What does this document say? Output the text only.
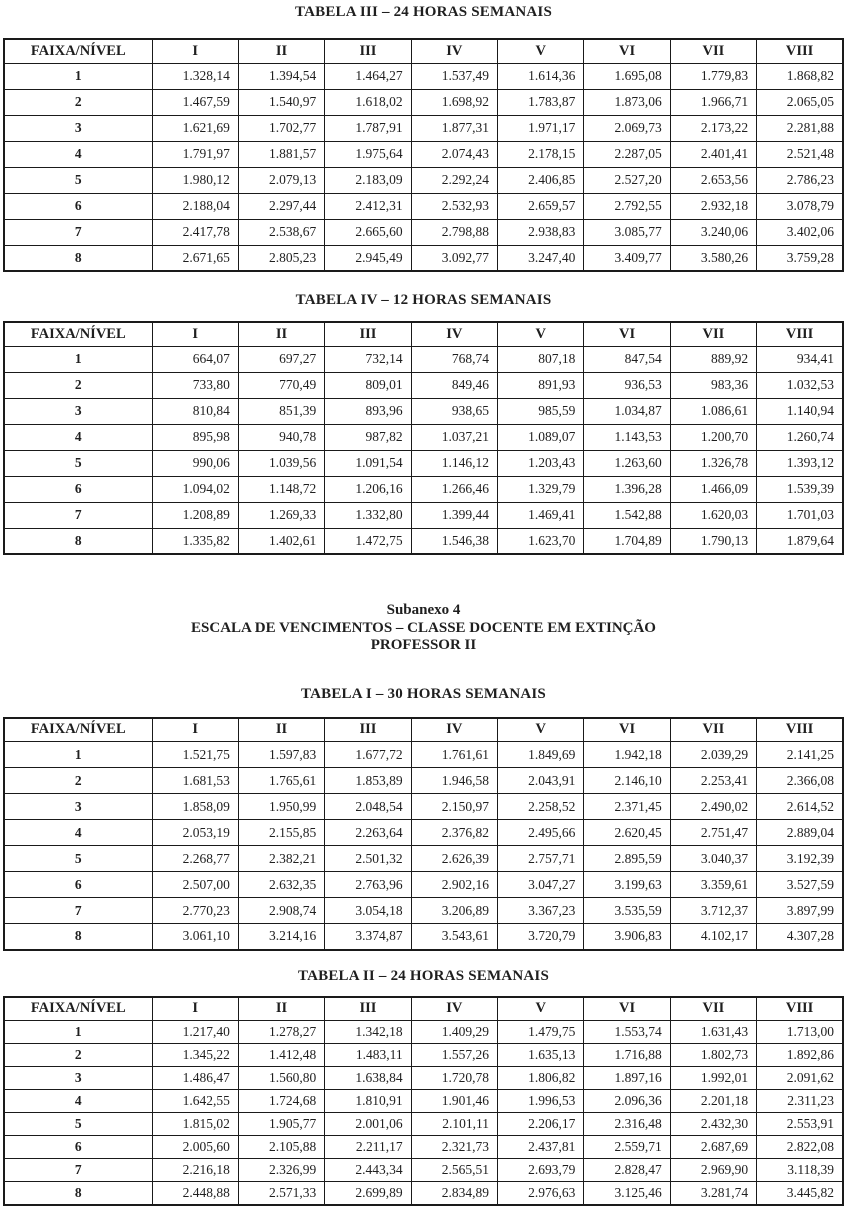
TABELA III – 24 HORAS SEMANAIS
FAIXA/NÍVEL	I	II	III	IV	V	VI	VII	VIII
1	1.328,14	1.394,54	1.464,27	1.537,49	1.614,36	1.695,08	1.779,83	1.868,82
2	1.467,59	1.540,97	1.618,02	1.698,92	1.783,87	1.873,06	1.966,71	2.065,05
3	1.621,69	1.702,77	1.787,91	1.877,31	1.971,17	2.069,73	2.173,22	2.281,88
4	1.791,97	1.881,57	1.975,64	2.074,43	2.178,15	2.287,05	2.401,41	2.521,48
5	1.980,12	2.079,13	2.183,09	2.292,24	2.406,85	2.527,20	2.653,56	2.786,23
6	2.188,04	2.297,44	2.412,31	2.532,93	2.659,57	2.792,55	2.932,18	3.078,79
7	2.417,78	2.538,67	2.665,60	2.798,88	2.938,83	3.085,77	3.240,06	3.402,06
8	2.671,65	2.805,23	2.945,49	3.092,77	3.247,40	3.409,77	3.580,26	3.759,28
TABELA IV – 12 HORAS SEMANAIS
FAIXA/NÍVEL	I	II	III	IV	V	VI	VII	VIII
1	664,07	697,27	732,14	768,74	807,18	847,54	889,92	934,41
2	733,80	770,49	809,01	849,46	891,93	936,53	983,36	1.032,53
3	810,84	851,39	893,96	938,65	985,59	1.034,87	1.086,61	1.140,94
4	895,98	940,78	987,82	1.037,21	1.089,07	1.143,53	1.200,70	1.260,74
5	990,06	1.039,56	1.091,54	1.146,12	1.203,43	1.263,60	1.326,78	1.393,12
6	1.094,02	1.148,72	1.206,16	1.266,46	1.329,79	1.396,28	1.466,09	1.539,39
7	1.208,89	1.269,33	1.332,80	1.399,44	1.469,41	1.542,88	1.620,03	1.701,03
8	1.335,82	1.402,61	1.472,75	1.546,38	1.623,70	1.704,89	1.790,13	1.879,64
Subanexo 4
ESCALA DE VENCIMENTOS – CLASSE DOCENTE EM EXTINÇÃO
PROFESSOR II
TABELA I – 30 HORAS SEMANAIS
FAIXA/NÍVEL	I	II	III	IV	V	VI	VII	VIII
1	1.521,75	1.597,83	1.677,72	1.761,61	1.849,69	1.942,18	2.039,29	2.141,25
2	1.681,53	1.765,61	1.853,89	1.946,58	2.043,91	2.146,10	2.253,41	2.366,08
3	1.858,09	1.950,99	2.048,54	2.150,97	2.258,52	2.371,45	2.490,02	2.614,52
4	2.053,19	2.155,85	2.263,64	2.376,82	2.495,66	2.620,45	2.751,47	2.889,04
5	2.268,77	2.382,21	2.501,32	2.626,39	2.757,71	2.895,59	3.040,37	3.192,39
6	2.507,00	2.632,35	2.763,96	2.902,16	3.047,27	3.199,63	3.359,61	3.527,59
7	2.770,23	2.908,74	3.054,18	3.206,89	3.367,23	3.535,59	3.712,37	3.897,99
8	3.061,10	3.214,16	3.374,87	3.543,61	3.720,79	3.906,83	4.102,17	4.307,28
TABELA II – 24 HORAS SEMANAIS
FAIXA/NÍVEL	I	II	III	IV	V	VI	VII	VIII
1	1.217,40	1.278,27	1.342,18	1.409,29	1.479,75	1.553,74	1.631,43	1.713,00
2	1.345,22	1.412,48	1.483,11	1.557,26	1.635,13	1.716,88	1.802,73	1.892,86
3	1.486,47	1.560,80	1.638,84	1.720,78	1.806,82	1.897,16	1.992,01	2.091,62
4	1.642,55	1.724,68	1.810,91	1.901,46	1.996,53	2.096,36	2.201,18	2.311,23
5	1.815,02	1.905,77	2.001,06	2.101,11	2.206,17	2.316,48	2.432,30	2.553,91
6	2.005,60	2.105,88	2.211,17	2.321,73	2.437,81	2.559,71	2.687,69	2.822,08
7	2.216,18	2.326,99	2.443,34	2.565,51	2.693,79	2.828,47	2.969,90	3.118,39
8	2.448,88	2.571,33	2.699,89	2.834,89	2.976,63	3.125,46	3.281,74	3.445,82
